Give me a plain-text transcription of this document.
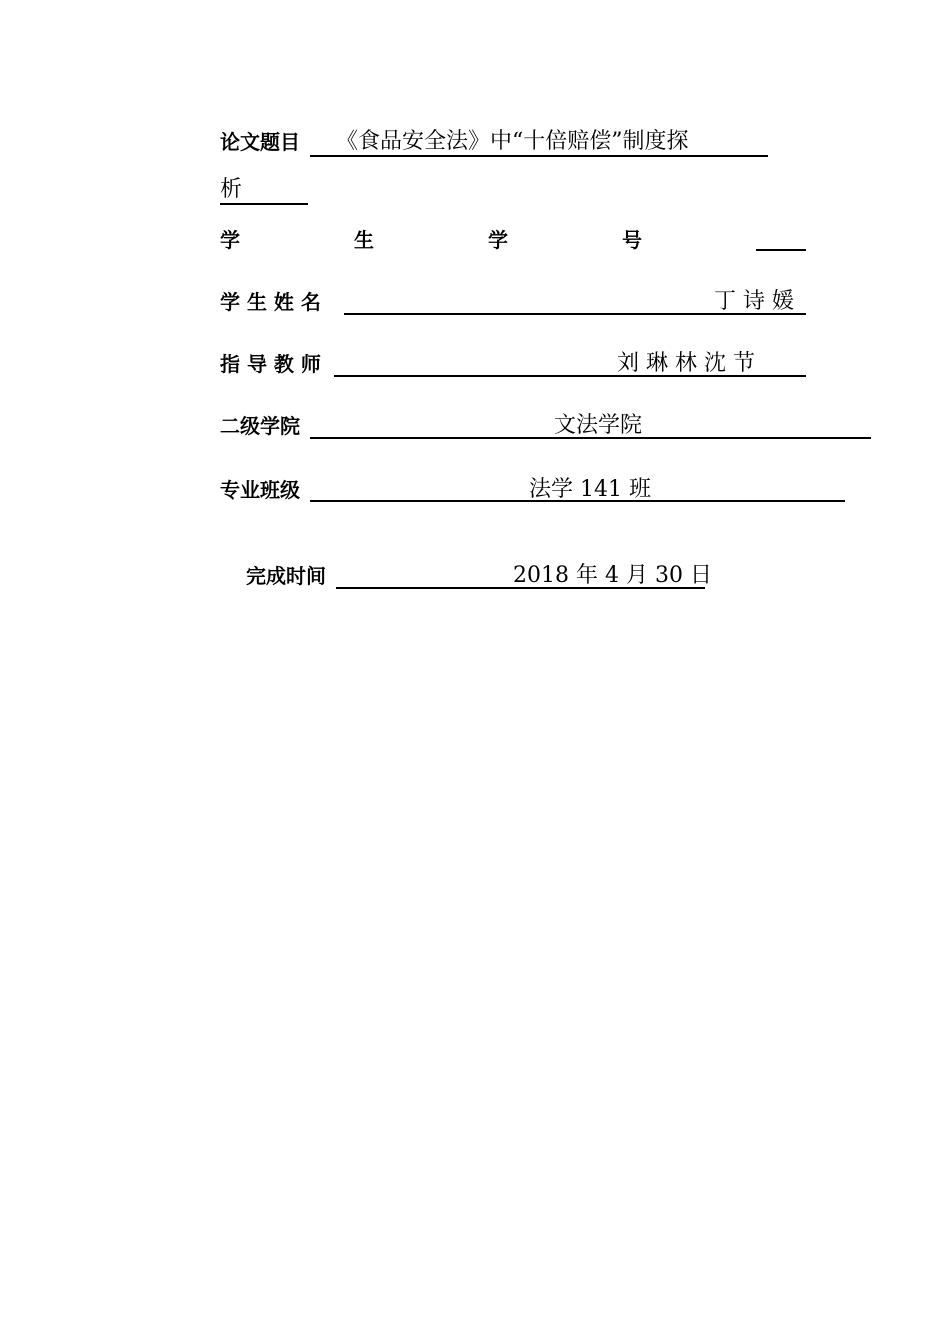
论文题目 《食品安全法》中“十倍赔偿”制度探
析
学	生	学	号
学 生 姓 名	丁 诗 媛
指 导 教 师	刘 琳 林 沈 节
二级学院	文法学院
专业班级	法学 141 班
完成时间	2018 年 4 月 30 日
